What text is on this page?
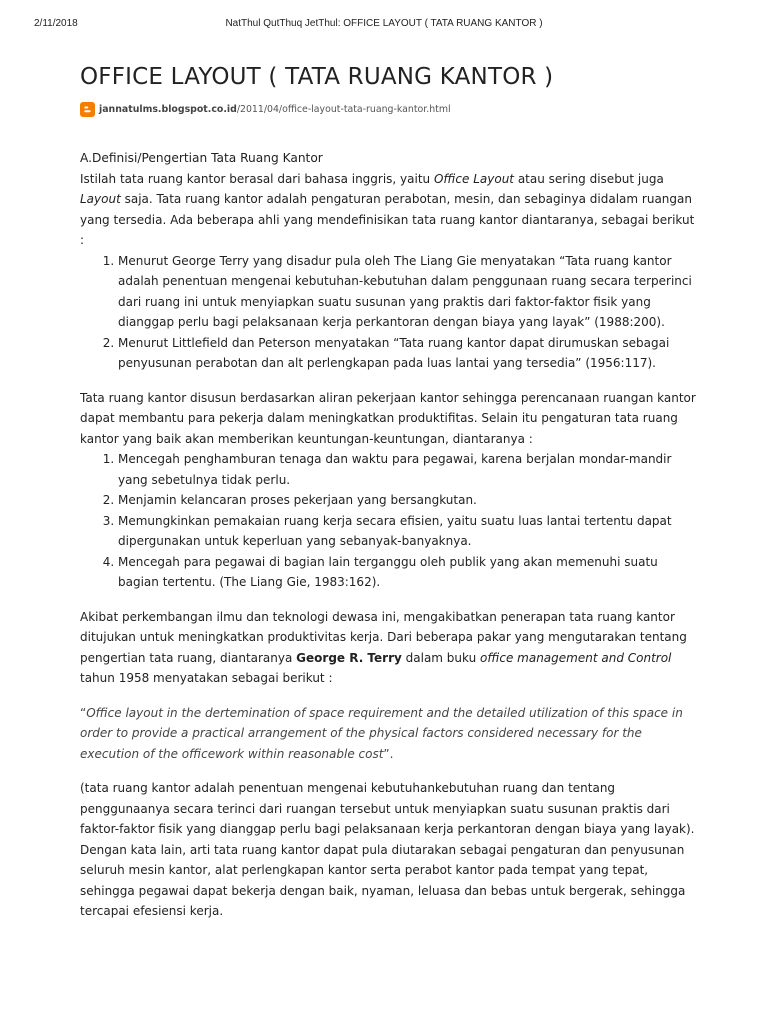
2/11/2018	NatThul QutThuq JetThul: OFFICE LAYOUT ( TATA RUANG KANTOR )
OFFICE LAYOUT ( TATA RUANG KANTOR )
jannatulms.blogspot.co.id/2011/04/office-layout-tata-ruang-kantor.html

A.Definisi/Pengertian Tata Ruang Kantor

Istilah tata ruang kantor berasal dari bahasa inggris, yaitu Office Layout atau sering disebut juga Layout saja. Tata ruang kantor adalah pengaturan perabotan, mesin, dan sebaginya didalam ruangan yang tersedia. Ada beberapa ahli yang mendefinisikan tata ruang kantor diantaranya, sebagai berikut :

1. Menurut George Terry yang disadur pula oleh The Liang Gie menyatakan “Tata ruang kantor adalah penentuan mengenai kebutuhan-kebutuhan dalam penggunaan ruang secara terperinci dari ruang ini untuk menyiapkan suatu susunan yang praktis dari faktor-faktor fisik yang dianggap perlu bagi pelaksanaan kerja perkantoran dengan biaya yang layak” (1988:200).
2. Menurut Littlefield dan Peterson menyatakan “Tata ruang kantor dapat dirumuskan sebagai penyusunan perabotan dan alt perlengkapan pada luas lantai yang tersedia” (1956:117).

Tata ruang kantor disusun berdasarkan aliran pekerjaan kantor sehingga perencanaan ruangan kantor dapat membantu para pekerja dalam meningkatkan produktifitas. Selain itu pengaturan tata ruang kantor yang baik akan memberikan keuntungan-keuntungan, diantaranya :

1. Mencegah penghamburan tenaga dan waktu para pegawai, karena berjalan mondar-mandir yang sebetulnya tidak perlu.
2. Menjamin kelancaran proses pekerjaan yang bersangkutan.
3. Memungkinkan pemakaian ruang kerja secara efisien, yaitu suatu luas lantai tertentu dapat dipergunakan untuk keperluan yang sebanyak-banyaknya.
4. Mencegah para pegawai di bagian lain terganggu oleh publik yang akan memenuhi suatu bagian tertentu. (The Liang Gie, 1983:162).

Akibat perkembangan ilmu dan teknologi dewasa ini, mengakibatkan penerapan tata ruang kantor ditujukan untuk meningkatkan produktivitas kerja. Dari beberapa pakar yang mengutarakan tentang pengertian tata ruang, diantaranya George R. Terry dalam buku office management and Control tahun 1958 menyatakan sebagai berikut :

“Office layout in the dertemination of space requirement and the detailed utilization of this space in order to provide a practical arrangement of the physical factors considered necessary for the execution of the officework within reasonable cost”.

(tata ruang kantor adalah penentuan mengenai kebutuhankebutuhan ruang dan tentang penggunaanya secara terinci dari ruangan tersebut untuk menyiapkan suatu susunan praktis dari faktor-faktor fisik yang dianggap perlu bagi pelaksanaan kerja perkantoran dengan biaya yang layak).

Dengan kata lain, arti tata ruang kantor dapat pula diutarakan sebagai pengaturan dan penyusunan seluruh mesin kantor, alat perlengkapan kantor serta perabot kantor pada tempat yang tepat, sehingga pegawai dapat bekerja dengan baik, nyaman, leluasa dan bebas untuk bergerak, sehingga tercapai efesiensi kerja.
